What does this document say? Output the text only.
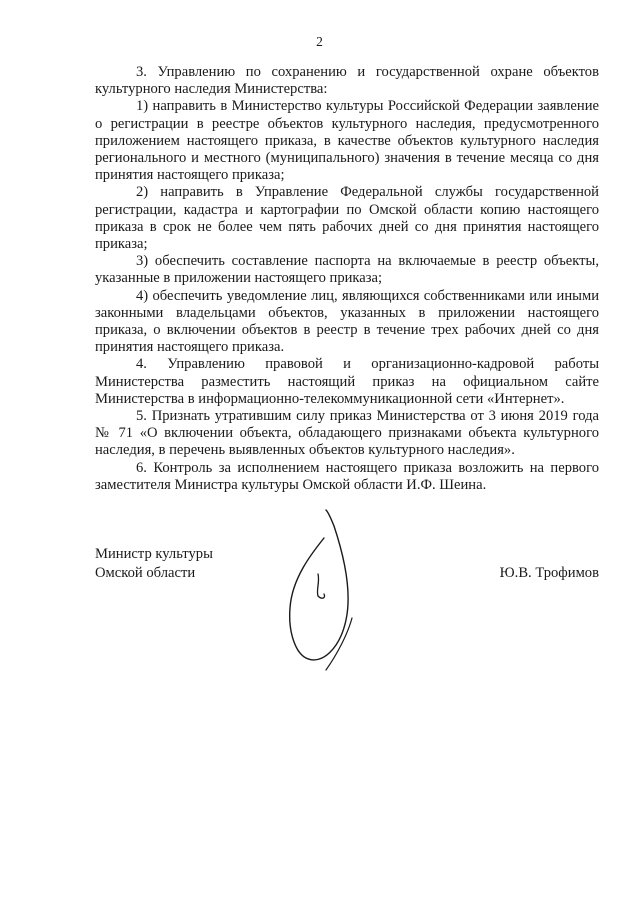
2

3. Управлению по сохранению и государственной охране объектов культурного наследия Министерства:

1) направить в Министерство культуры Российской Федерации заявление о регистрации в реестре объектов культурного наследия, предусмотренного приложением настоящего приказа, в качестве объектов культурного наследия регионального и местного (муниципального) значения в течение месяца со дня принятия настоящего приказа;

2) направить в Управление Федеральной службы государственной регистрации, кадастра и картографии по Омской области копию настоящего приказа в срок не более чем пять рабочих дней со дня принятия настоящего приказа;

3) обеспечить составление паспорта на включаемые в реестр объекты, указанные в приложении настоящего приказа;

4) обеспечить уведомление лиц, являющихся собственниками или иными законными владельцами объектов, указанных в приложении настоящего приказа, о включении объектов в реестр в течение трех рабочих дней со дня принятия настоящего приказа.

4. Управлению правовой и организационно-кадровой работы Министерства разместить настоящий приказ на официальном сайте Министерства в информационно-телекоммуникационной сети «Интернет».

5. Признать утратившим силу приказ Министерства от 3 июня 2019 года № 71 «О включении объекта, обладающего признаками объекта культурного наследия, в перечень выявленных объектов культурного наследия».

6. Контроль за исполнением настоящего приказа возложить на первого заместителя Министра культуры Омской области И.Ф. Шеина.

Министр культуры
Омской области	Ю.В. Трофимов
